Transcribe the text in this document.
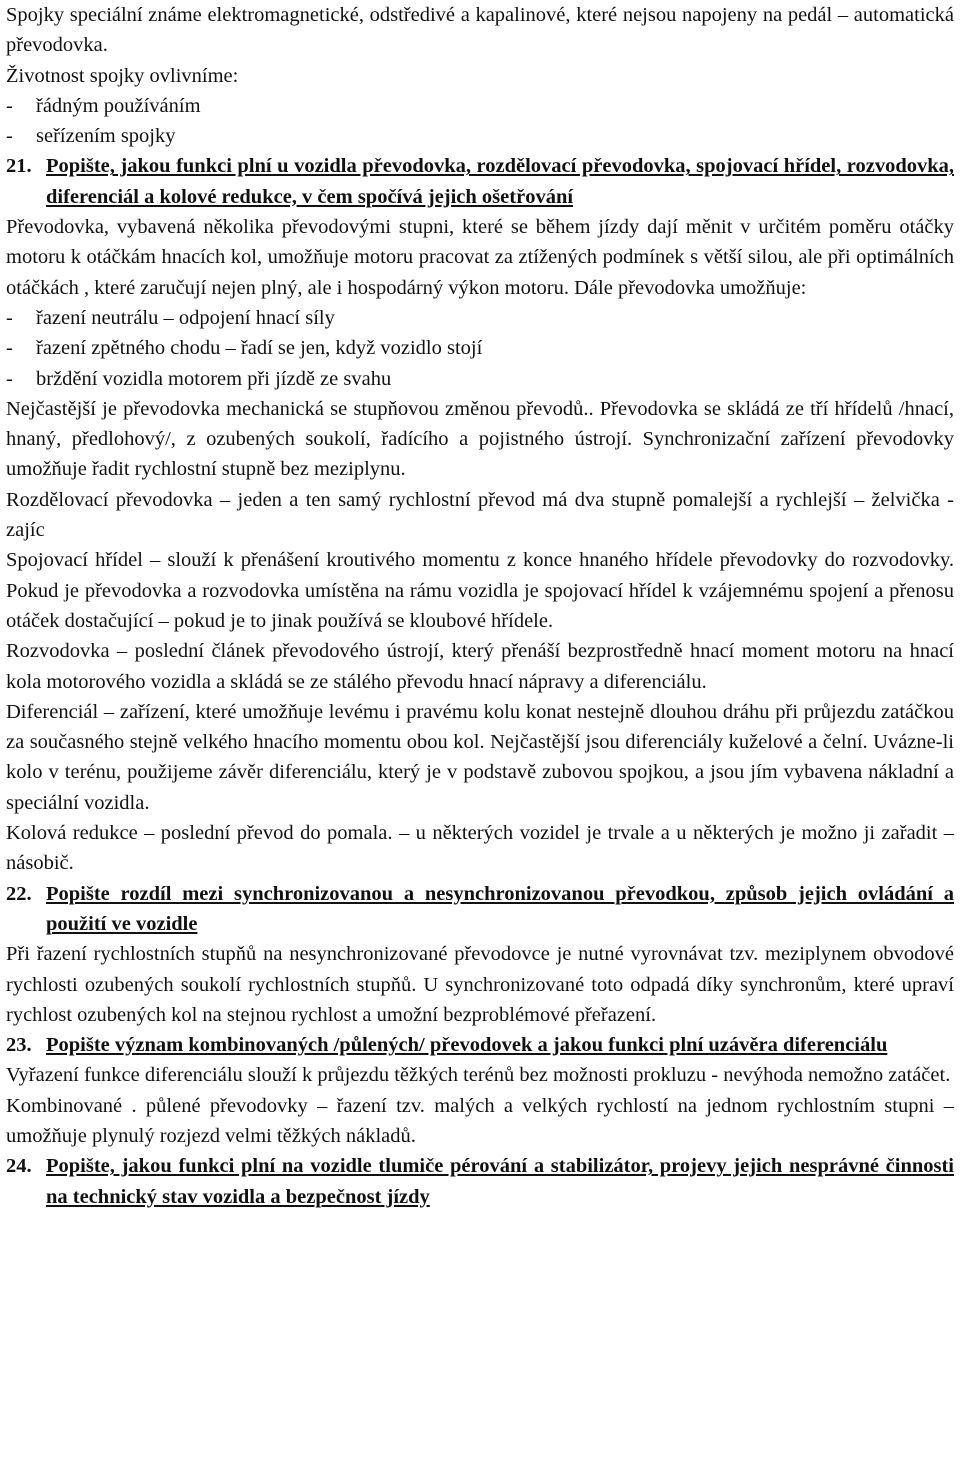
Spojky speciální známe elektromagnetické, odstředivé a kapalinové, které nejsou napojeny na pedál – automatická převodovka.

Životnost spojky ovlivníme:

-	řádným používáním
-	seřízením spojky
21. Popište, jakou funkci plní u vozidla převodovka, rozdělovací převodovka, spojovací hřídel, rozvodovka, diferenciál a kolové redukce, v čem spočívá jejich ošetřování

Převodovka, vybavená několika převodovými stupni, které se během jízdy dají měnit v určitém poměru otáčky motoru k otáčkám hnacích kol, umožňuje motoru pracovat za ztížených podmínek s větší silou, ale při optimálních otáčkách , které zaručují nejen plný, ale i hospodárný výkon motoru. Dále převodovka umožňuje:

-	řazení neutrálu – odpojení hnací síly
-	řazení zpětného chodu – řadí se jen, když vozidlo stojí
-	brždění vozidla motorem při jízdě ze svahu

Nejčastější je převodovka mechanická se stupňovou změnou převodů.. Převodovka se skládá ze tří hřídelů /hnací, hnaný, předlohový/, z ozubených soukolí, řadícího a pojistného ústrojí. Synchronizační zařízení převodovky umožňuje řadit rychlostní stupně bez meziplynu.

Rozdělovací převodovka – jeden a ten samý rychlostní převod má dva stupně pomalejší a rychlejší – želvička - zajíc

Spojovací hřídel – slouží k přenášení kroutivého momentu z konce hnaného hřídele převodovky do rozvodovky. Pokud je převodovka a rozvodovka umístěna na rámu vozidla je spojovací hřídel k vzájemnému spojení a přenosu otáček dostačující – pokud je to jinak používá se kloubové hřídele.

Rozvodovka – poslední článek převodového ústrojí, který přenáší bezprostředně hnací moment motoru na hnací kola motorového vozidla a skládá se ze stálého převodu hnací nápravy a diferenciálu.

Diferenciál – zařízení, které umožňuje levému i pravému kolu konat nestejně dlouhou dráhu při průjezdu zatáčkou za současného stejně velkého hnacího momentu obou kol. Nejčastější jsou diferenciály kuželové a čelní. Uvázne-li kolo v terénu, použijeme závěr diferenciálu, který je v podstavě zubovou spojkou, a jsou jím vybavena nákladní a speciální vozidla.

Kolová redukce – poslední převod do pomala. – u některých vozidel je trvale a u některých je možno ji zařadit – násobič.

22. Popište rozdíl mezi synchronizovanou a nesynchronizovanou převodkou, způsob jejich ovládání a použití ve vozidle

Při řazení rychlostních stupňů na nesynchronizované převodovce je nutné vyrovnávat tzv. meziplynem obvodové rychlosti ozubených soukolí rychlostních stupňů. U synchronizované toto odpadá díky synchronům, které upraví rychlost ozubených kol na stejnou rychlost a umožní bezproblémové přeřazení.

23. Popište význam kombinovaných /půlených/ převodovek a jakou funkci plní uzávěra diferenciálu

Vyřazení funkce diferenciálu slouží k průjezdu těžkých terénů bez možnosti prokluzu - nevýhoda nemožno zatáčet.

Kombinované . půlené převodovky – řazení tzv. malých a velkých rychlostí na jednom rychlostním stupni – umožňuje plynulý rozjezd velmi těžkých nákladů.

24. Popište, jakou funkci plní na vozidle tlumiče pérování a stabilizátor, projevy jejich nesprávné činnosti na technický stav vozidla a bezpečnost jízdy
